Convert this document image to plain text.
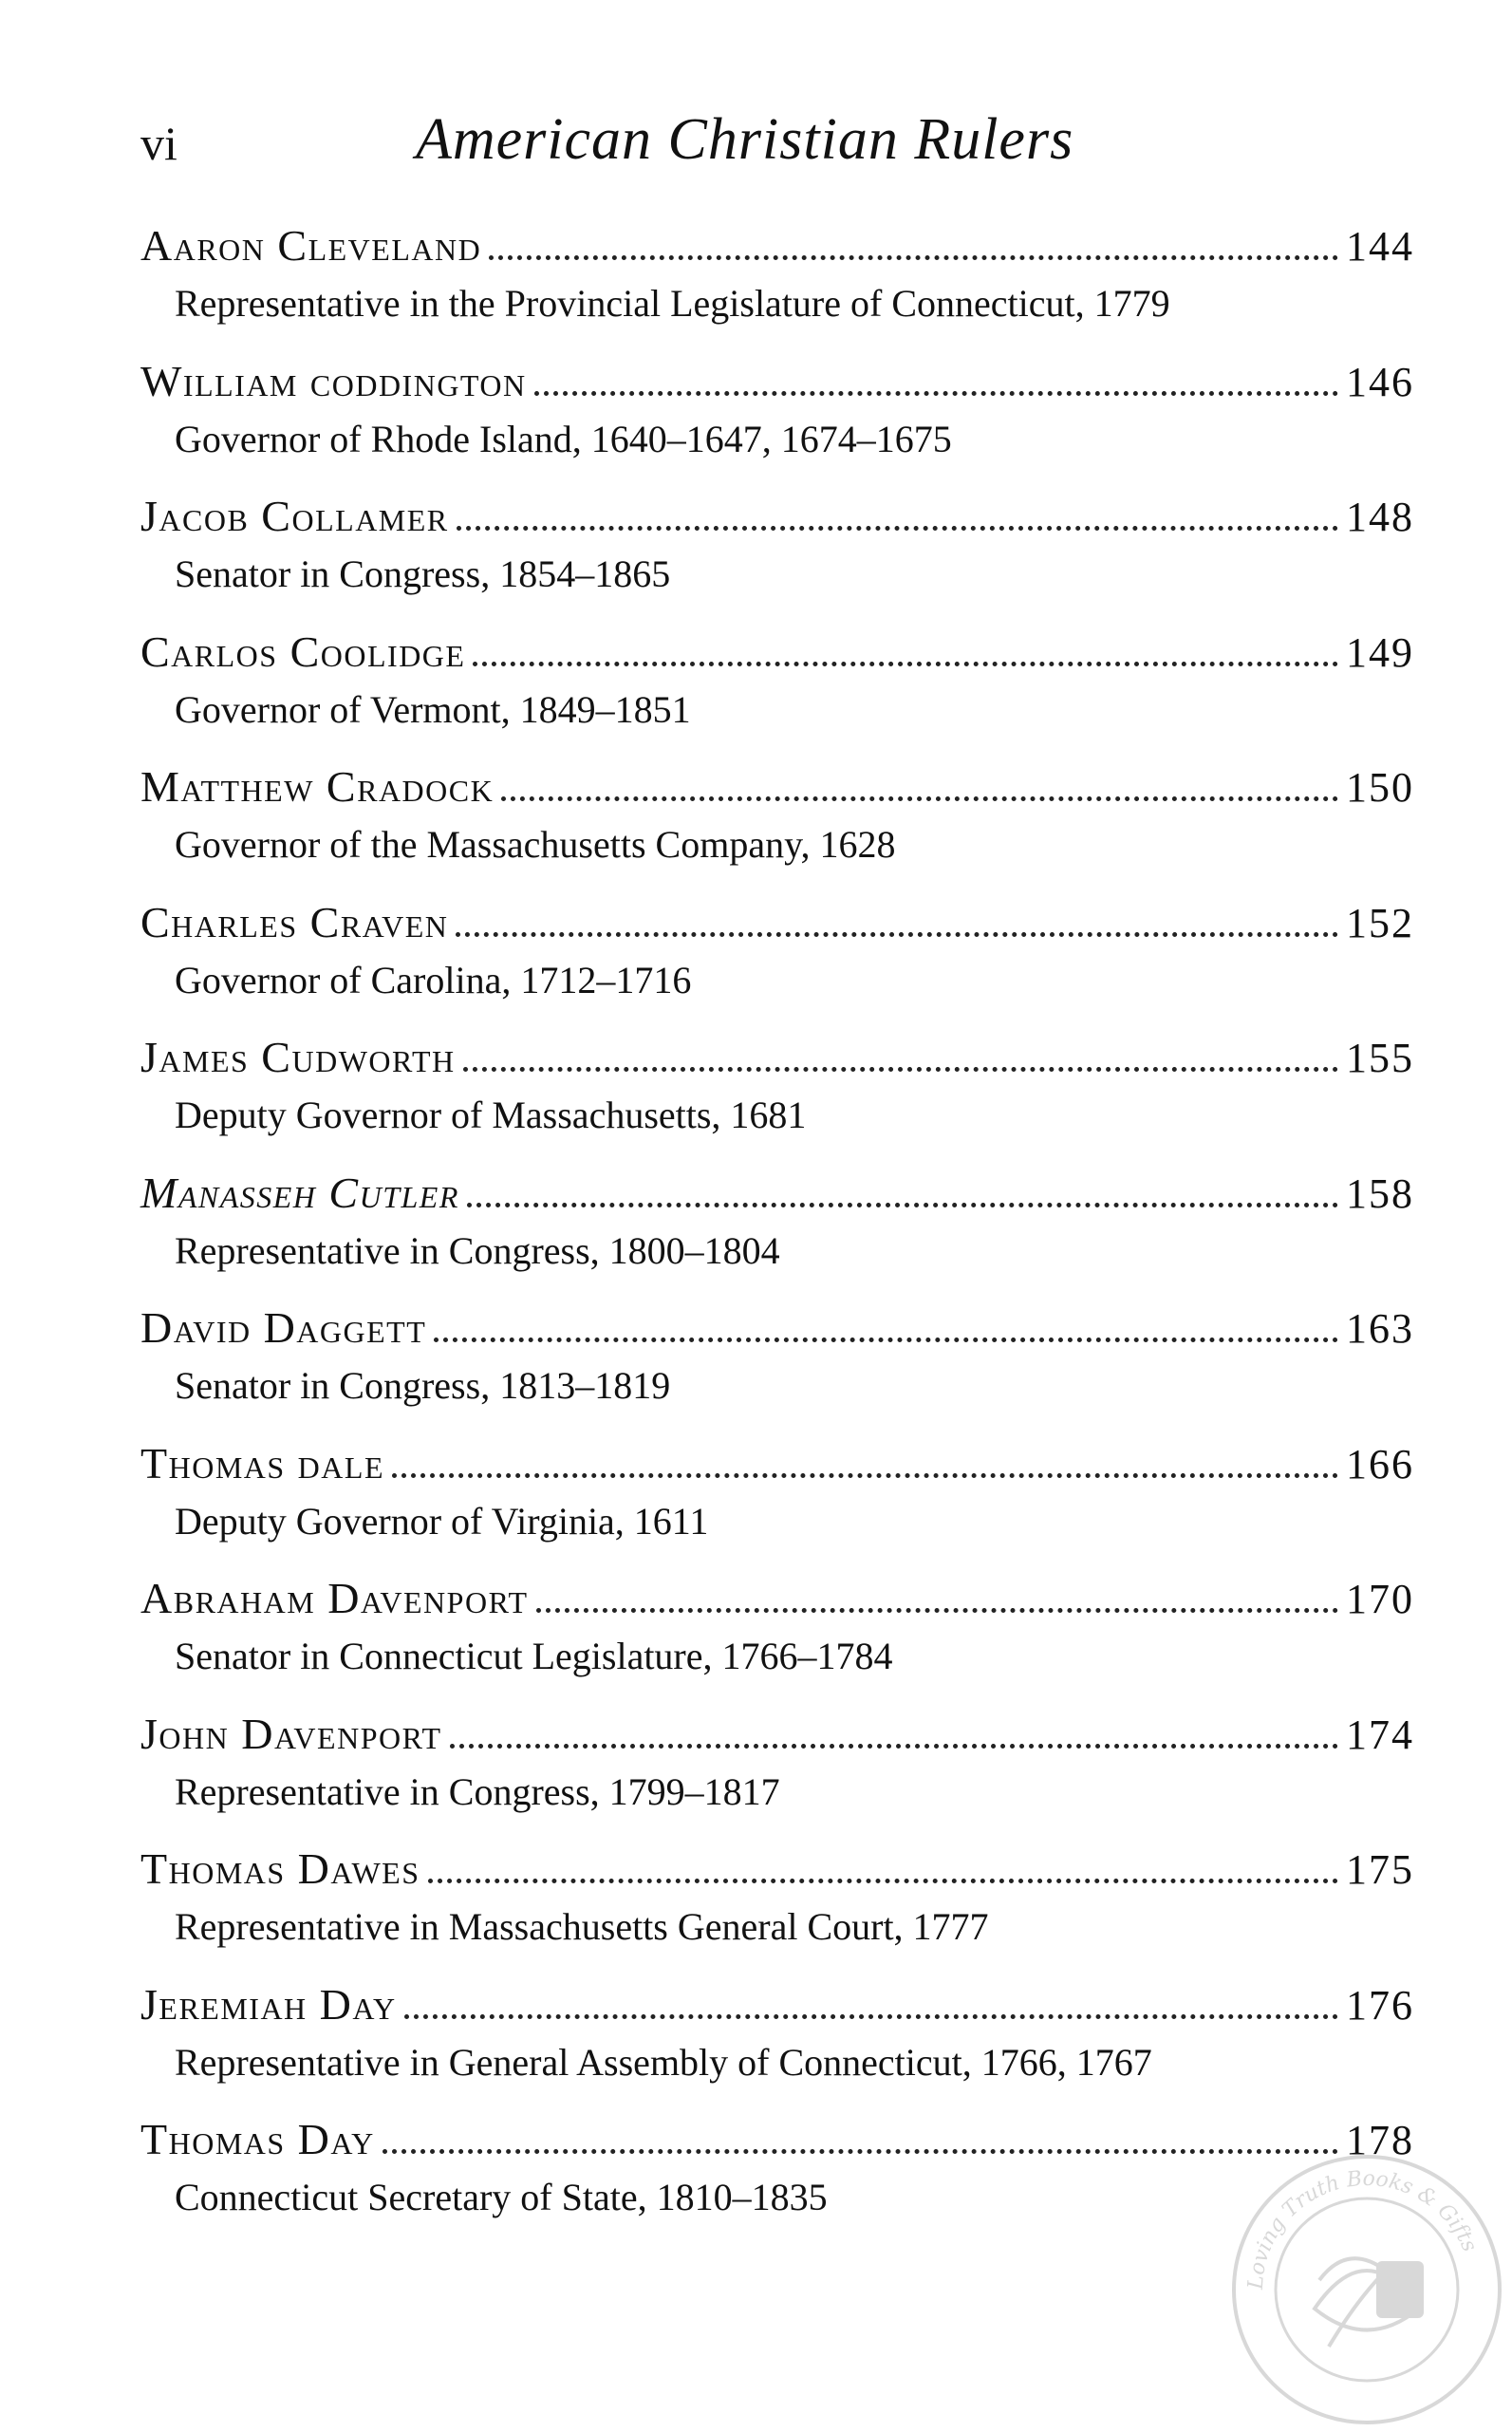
vi	American Christian Rulers
Aaron Cleveland	144
Representative in the Provincial Legislature of Connecticut, 1779
William coddington	146
Governor of Rhode Island, 1640–1647, 1674–1675
Jacob Collamer	148
Senator in Congress, 1854–1865
Carlos Coolidge	149
Governor of Vermont, 1849–1851
Matthew Cradock	150
Governor of the Massachusetts Company, 1628
Charles Craven	152
Governor of Carolina, 1712–1716
James Cudworth	155
Deputy Governor of Massachusetts, 1681
Manasseh Cutler	158
Representative in Congress, 1800–1804
David Daggett	163
Senator in Congress, 1813–1819
Thomas dale	166
Deputy Governor of Virginia, 1611
Abraham Davenport	170
Senator in Connecticut Legislature, 1766–1784
John Davenport	174
Representative in Congress, 1799–1817
Thomas Dawes	175
Representative in Massachusetts General Court, 1777
Jeremiah Day	176
Representative in General Assembly of Connecticut, 1766, 1767
Thomas Day	178
Connecticut Secretary of State, 1810–1835
Loving Truth Books & Gifts
